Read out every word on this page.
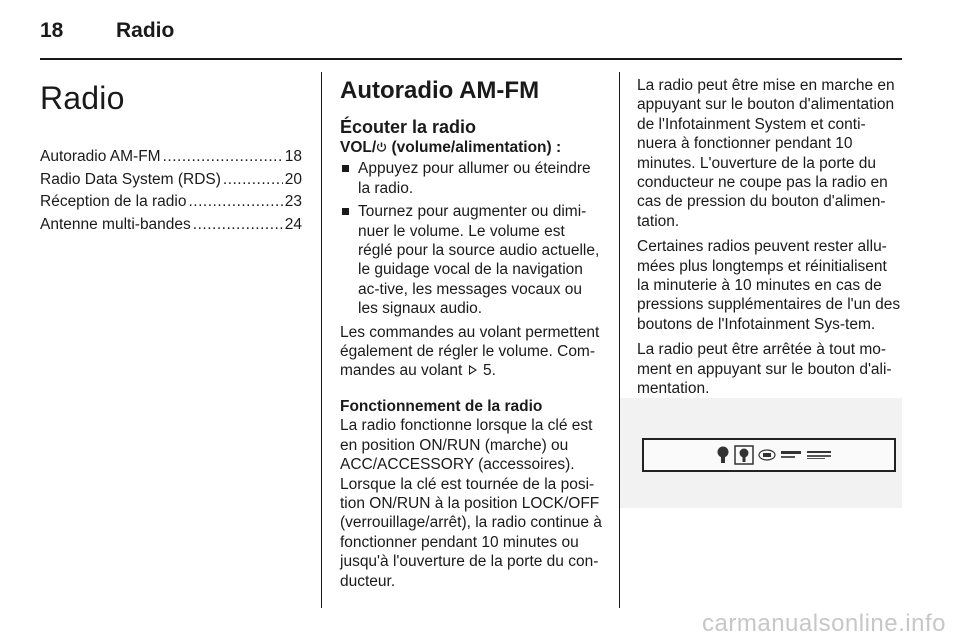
18	Radio
Radio
Autoradio AM-FM .....	18
Radio Data System (RDS) .....	20
Réception de la radio .....	23
Antenne multi-bandes .....	24
Autoradio AM-FM
Écouter la radio

VOL/ (volume/alimentation) :

Appuyez pour allumer ou éteindre la radio.
Tournez pour augmenter ou dimi-nuer le volume. Le volume est réglé pour la source audio actuelle, le guidage vocal de la navigation ac-tive, les messages vocaux ou les signaux audio.

Les commandes au volant permettent également de régler le volume. Com-mandes au volant 5.

Fonctionnement de la radio

La radio fonctionne lorsque la clé est en position ON/RUN (marche) ou ACC/ACCESSORY (accessoires). Lorsque la clé est tournée de la posi-tion ON/RUN à la position LOCK/OFF (verrouillage/arrêt), la radio continue à fonctionner pendant 10 minutes ou jusqu'à l'ouverture de la porte du con-ducteur.

La radio peut être mise en marche en appuyant sur le bouton d'alimentation de l'Infotainment System et conti-nuera à fonctionner pendant 10 minutes. L'ouverture de la porte du conducteur ne coupe pas la radio en cas de pression du bouton d'alimen-tation.

Certaines radios peuvent rester allu-mées plus longtemps et réinitialisent la minuterie à 10 minutes en cas de pressions supplémentaires de l'un des boutons de l'Infotainment Sys-tem.

La radio peut être arrêtée à tout mo-ment en appuyant sur le bouton d'ali-mentation.

carmanualsonline.info
